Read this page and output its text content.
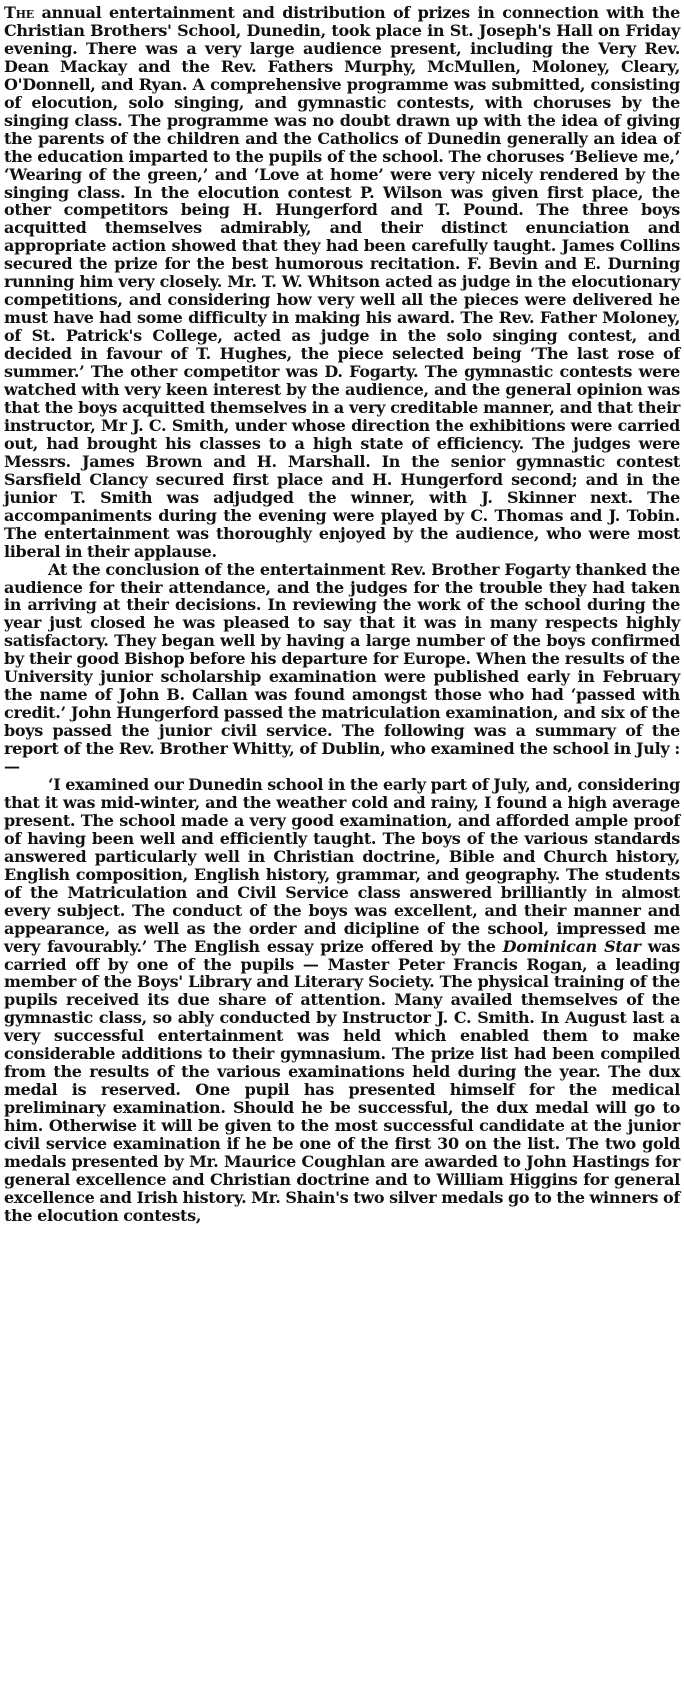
The annual entertainment and distribution of prizes in connection with the Christian Brothers' School, Dunedin, took place in St. Joseph's Hall on Friday evening. There was a very large audience present, including the Very Rev. Dean Mackay and the Rev. Fathers Murphy, McMullen, Moloney, Cleary, O'Donnell, and Ryan. A comprehensive programme was submitted, consisting of elocution, solo singing, and gymnastic contests, with choruses by the singing class. The programme was no doubt drawn up with the idea of giving the parents of the children and the Catholics of Dunedin generally an idea of the education imparted to the pupils of the school. The choruses ‘Believe me,’ ‘Wearing of the green,’ and ‘Love at home’ were very nicely rendered by the singing class. In the elocution contest P. Wilson was given first place, the other competitors being H. Hungerford and T. Pound. The three boys acquitted themselves admirably, and their distinct enunciation and appropriate action showed that they had been carefully taught. James Collins secured the prize for the best humorous recitation. F. Bevin and E. Durning running him very closely. Mr. T. W. Whitson acted as judge in the elocutionary competitions, and considering how very well all the pieces were delivered he must have had some difficulty in making his award. The Rev. Father Moloney, of St. Patrick's College, acted as judge in the solo singing contest, and decided in favour of T. Hughes, the piece selected being ‘The last rose of summer.’ The other competitor was D. Fogarty. The gymnastic contests were watched with very keen interest by the audience, and the general opinion was that the boys acquitted themselves in a very creditable manner, and that their instructor, Mr J. C. Smith, under whose direction the exhibitions were carried out, had brought his classes to a high state of efficiency. The judges were Messrs. James Brown and H. Marshall. In the senior gymnastic contest Sarsfield Clancy secured first place and H. Hungerford second; and in the junior T. Smith was adjudged the winner, with J. Skinner next. The accompaniments during the evening were played by C. Thomas and J. Tobin. The entertainment was thoroughly enjoyed by the audience, who were most liberal in their applause.

At the conclusion of the entertainment Rev. Brother Fogarty thanked the audience for their attendance, and the judges for the trouble they had taken in arriving at their decisions. In reviewing the work of the school during the year just closed he was pleased to say that it was in many respects highly satisfactory. They began well by having a large number of the boys confirmed by their good Bishop before his departure for Europe. When the results of the University junior scholarship examination were published early in February the name of John B. Callan was found amongst those who had ‘passed with credit.’ John Hungerford passed the matriculation examination, and six of the boys passed the junior civil service. The following was a summary of the report of the Rev. Brother Whitty, of Dublin, who examined the school in July :—

‘I examined our Dunedin school in the early part of July, and, considering that it was mid-winter, and the weather cold and rainy, I found a high average present. The school made a very good examination, and afforded ample proof of having been well and efficiently taught. The boys of the various standards answered particularly well in Christian doctrine, Bible and Church history, English composition, English history, grammar, and geography. The students of the Matriculation and Civil Service class answered brilliantly in almost every subject. The conduct of the boys was excellent, and their manner and appearance, as well as the order and dicipline of the school, impressed me very favourably.’ The English essay prize offered by the Dominican Star was carried off by one of the pupils — Master Peter Francis Rogan, a leading member of the Boys' Library and Literary Society. The physical training of the pupils received its due share of attention. Many availed themselves of the gymnastic class, so ably conducted by Instructor J. C. Smith. In August last a very successful entertainment was held which enabled them to make considerable additions to their gymnasium. The prize list had been compiled from the results of the various examinations held during the year. The dux medal is reserved. One pupil has presented himself for the medical preliminary examination. Should he be successful, the dux medal will go to him. Otherwise it will be given to the most successful candidate at the junior civil service examination if he be one of the first 30 on the list. The two gold medals presented by Mr. Maurice Coughlan are awarded to John Hastings for general excellence and Christian doctrine and to William Higgins for general excellence and Irish history. Mr. Shain's two silver medals go to the winners of the elocution contests,
